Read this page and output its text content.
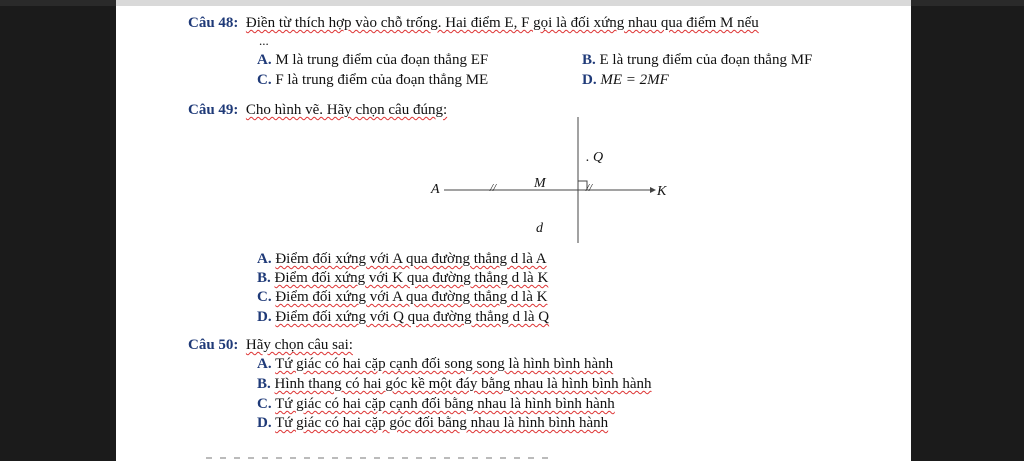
Câu 48: Điền từ thích hợp vào chỗ trống. Hai điểm E, F gọi là đối xứng nhau qua điểm M nếu
...
A. M là trung điểm của đoạn thẳng EF	B. E là trung điểm của đoạn thẳng MF
C. F là trung điểm của đoạn thẳng ME	D. ME = 2MF
Câu 49: Cho hình vẽ. Hãy chọn câu đúng:
A	M
K
. Q
d
//	//
A. Điểm đối xứng với A qua đường thẳng d là A
B. Điểm đối xứng với K qua đường thẳng d là K
C. Điểm đối xứng với A qua đường thẳng d là K
D. Điểm đối xứng với Q qua đường thẳng d là Q
Câu 50: Hãy chọn câu sai:
A. Tứ giác có hai cặp cạnh đối song song là hình bình hành
B. Hình thang có hai góc kề một đáy bằng nhau là hình bình hành
C. Tứ giác có hai cặp cạnh đối bằng nhau là hình bình hành
D. Tứ giác có hai cặp góc đối bằng nhau là hình bình hành
